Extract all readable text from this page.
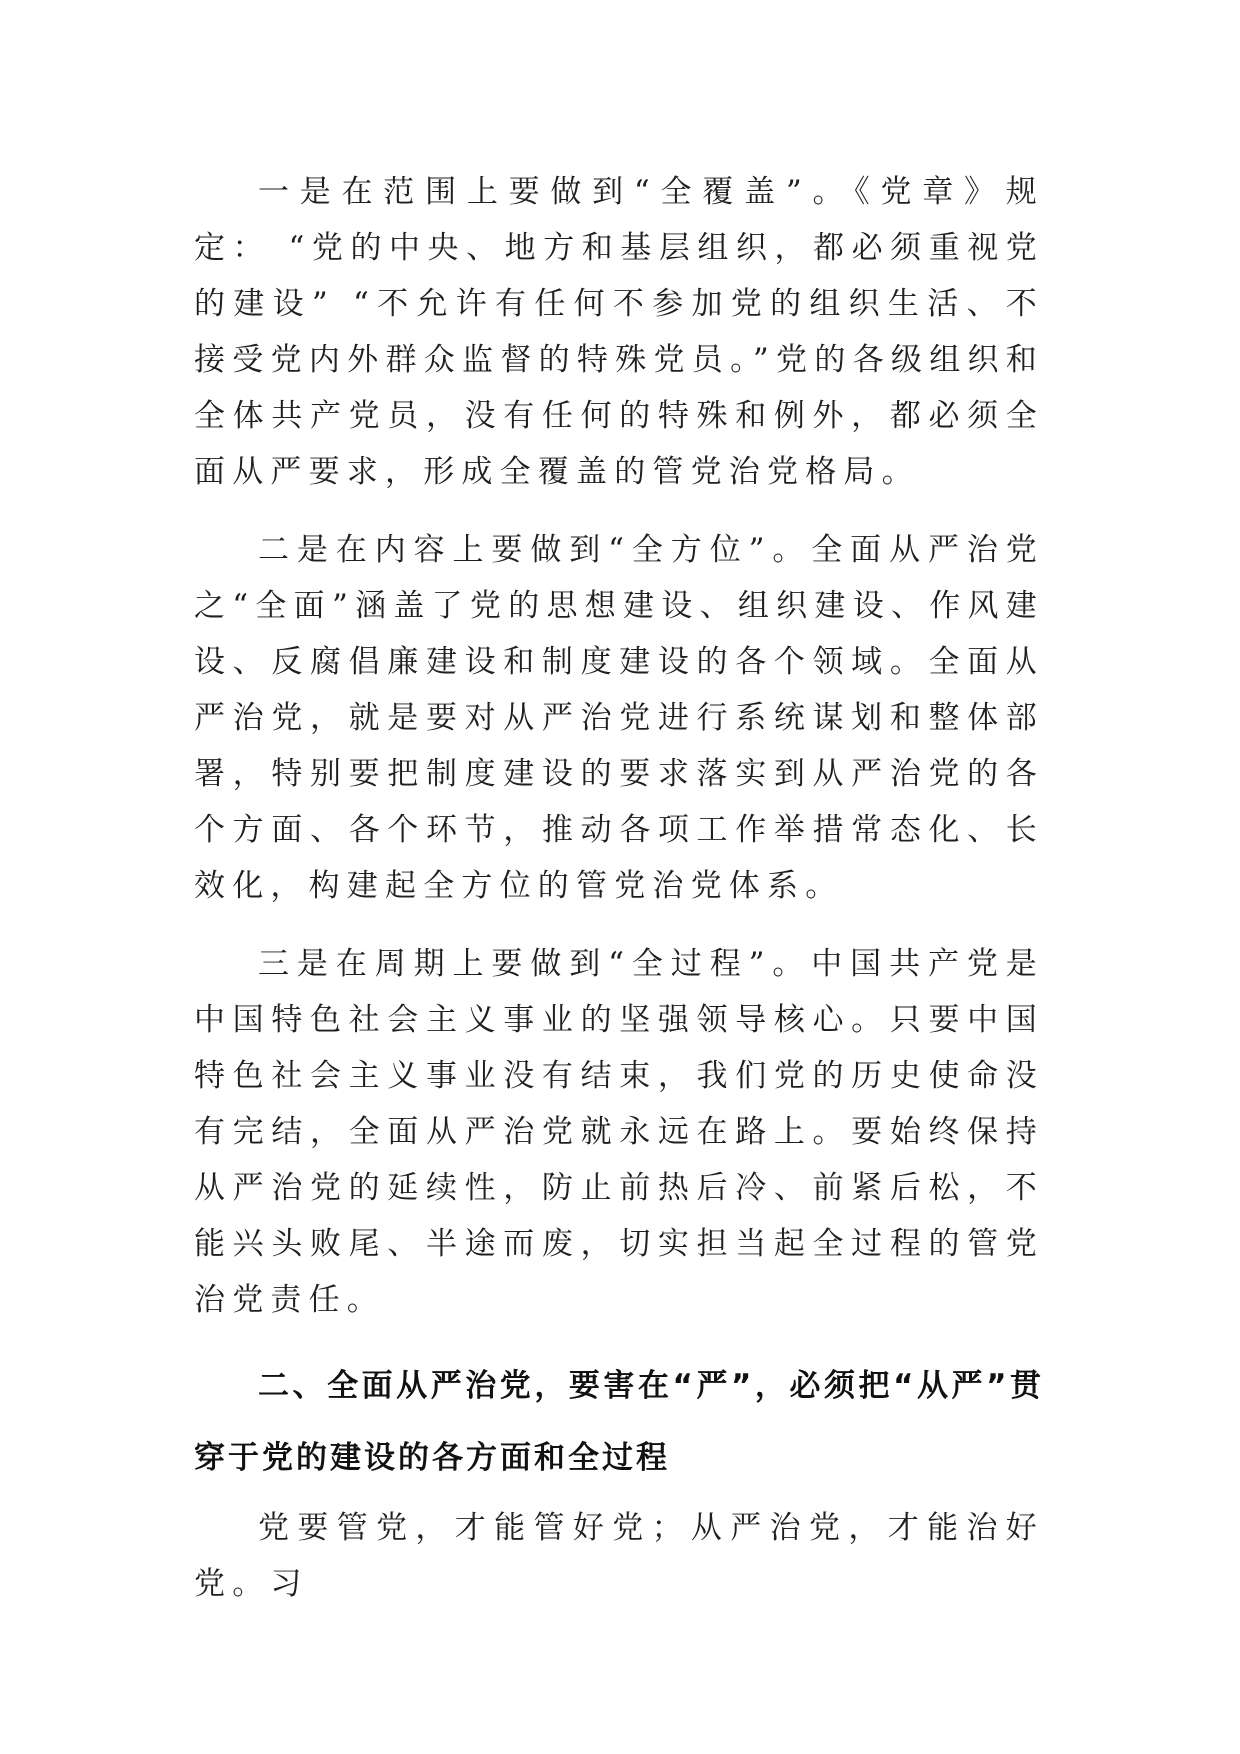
一是在范围上要做到“全覆盖”。《党章》规定： “党的中央、地方和基层组织，都必须重视党的建设” “不允许有任何不参加党的组织生活、不接受党内外群众监督的特殊党员。”党的各级组织和全体共产党员，没有任何的特殊和例外，都必须全面从严要求，形成全覆盖的管党治党格局。

二是在内容上要做到“全方位”。全面从严治党之“全面”涵盖了党的思想建设、组织建设、作风建设、反腐倡廉建设和制度建设的各个领域。全面从严治党，就是要对从严治党进行系统谋划和整体部署，特别要把制度建设的要求落实到从严治党的各个方面、各个环节，推动各项工作举措常态化、长效化，构建起全方位的管党治党体系。

三是在周期上要做到“全过程”。中国共产党是中国特色社会主义事业的坚强领导核心。只要中国特色社会主义事业没有结束，我们党的历史使命没有完结，全面从严治党就永远在路上。要始终保持从严治党的延续性，防止前热后冷、前紧后松，不能兴头败尾、半途而废，切实担当起全过程的管党治党责任。

二、全面从严治党，要害在“严”，必须把“从严”贯穿于党的建设的各方面和全过程

党要管党，才能管好党；从严治党，才能治好党。习
